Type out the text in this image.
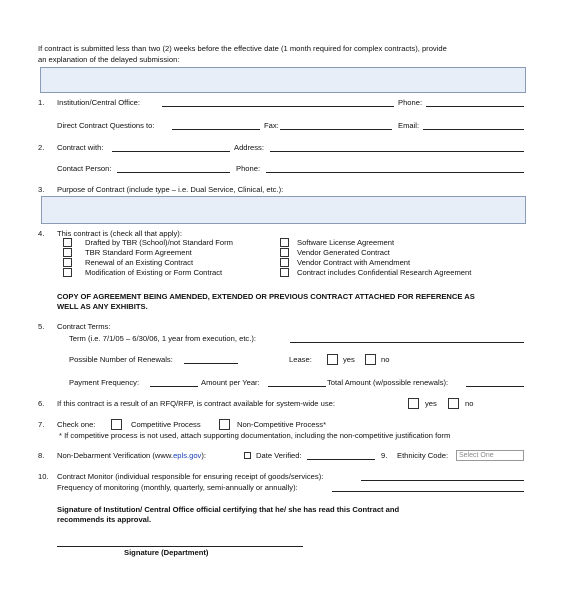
If contract is submitted less than two (2) weeks before the effective date (1 month required for complex contracts), provide
an explanation of the delayed submission:
1. Institution/Central Office:	Phone:
Direct Contract Questions to:	Fax:	Email:
2. Contract with:	Address:
Contact Person:	Phone:
3. Purpose of Contract (include type – i.e. Dual Service, Clinical, etc.):
4. This contract is (check all that apply):
Drafted by TBR (School)/not Standard Form
TBR Standard Form Agreement
Renewal of an Existing Contract
Modification of Existing or Form Contract
Software License Agreement
Vendor Generated Contract
Vendor Contract with Amendment
Contract includes Confidential Research Agreement
COPY OF AGREEMENT BEING AMENDED, EXTENDED OR PREVIOUS CONTRACT ATTACHED FOR REFERENCE AS
WELL AS ANY EXHIBITS.
5. Contract Terms:
Term (i.e. 7/1/05 – 6/30/06, 1 year from execution, etc.):
Possible Number of Renewals:	Lease:	yes	no
Payment Frequency:	Amount per Year:	Total Amount (w/possible renewals):
6. If this contract is a result of an RFQ/RFP, is contract available for system-wide use:	yes	no
7. Check one:	Competitive Process	Non-Competitive Process*
* If competitive process is not used, attach supporting documentation, including the non-competitive justification form
8. Non-Debarment Verification (www.epls.gov):	Date Verified:	9. Ethnicity Code:	Select One
10. Contract Monitor (individual responsible for ensuring receipt of goods/services):
Frequency of monitoring (monthly, quarterly, semi-annually or annually):
Signature of Institution/ Central Office official certifying that he/ she has read this Contract and
recommends its approval.
Signature (Department)
